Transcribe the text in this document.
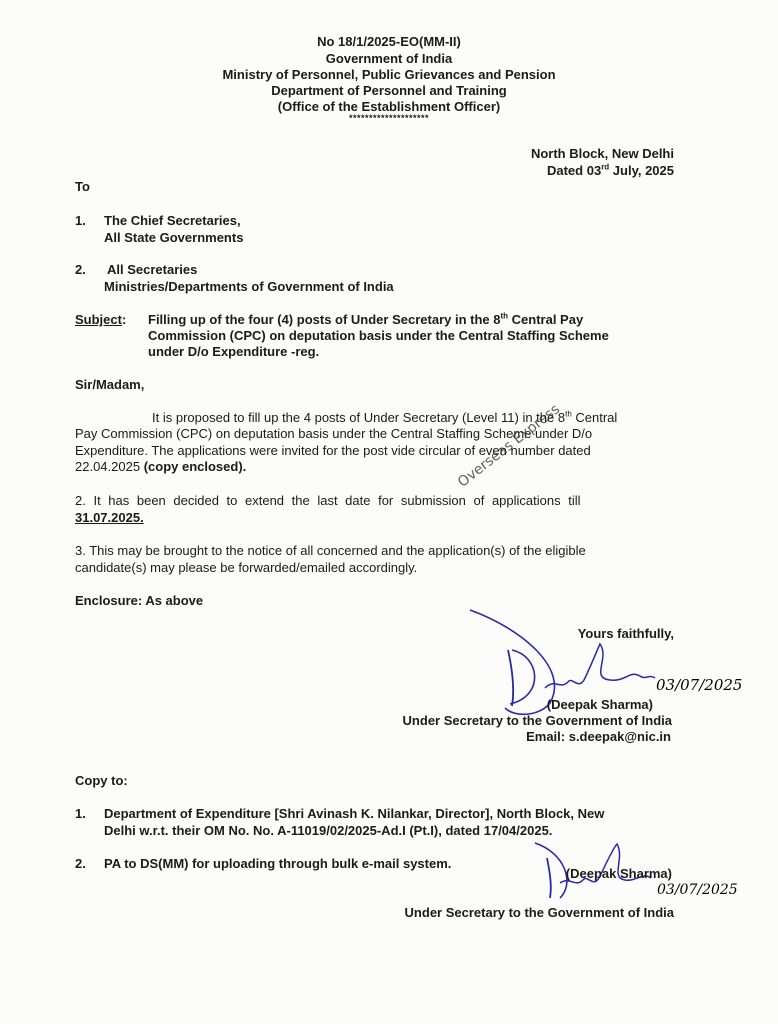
No 18/1/2025-EO(MM-II)
Government of India
Ministry of Personnel, Public Grievances and Pension
Department of Personnel and Training
(Office of the Establishment Officer)
********************
North Block, New Delhi
Dated 03rd July, 2025
To
1. The Chief Secretaries,
All State Governments
2. All Secretaries
Ministries/Departments of Government of India
Subject: Filling up of the four (4) posts of Under Secretary in the 8th Central Pay
Commission (CPC) on deputation basis under the Central Staffing Scheme
under D/o Expenditure -reg.
Sir/Madam,
It is proposed to fill up the 4 posts of Under Secretary (Level 11) in the 8th Central
Pay Commission (CPC) on deputation basis under the Central Staffing Scheme under D/o
Expenditure. The applications were invited for the post vide circular of even number dated
22.04.2025 (copy enclosed).
2. It has been decided to extend the last date for submission of applications till
31.07.2025.
3. This may be brought to the notice of all concerned and the application(s) of the eligible
candidate(s) may please be forwarded/emailed accordingly.
Enclosure: As above
Overseas Express
Yours faithfully,
03/07/2025
(Deepak Sharma)
Under Secretary to the Government of India
Email: s.deepak@nic.in
Copy to:
1. Department of Expenditure [Shri Avinash K. Nilankar, Director], North Block, New
Delhi w.r.t. their OM No. No. A-11019/02/2025-Ad.I (Pt.I), dated 17/04/2025.
2. PA to DS(MM) for uploading through bulk e-mail system.
03/07/2025
(Deepak Sharma)
Under Secretary to the Government of India
